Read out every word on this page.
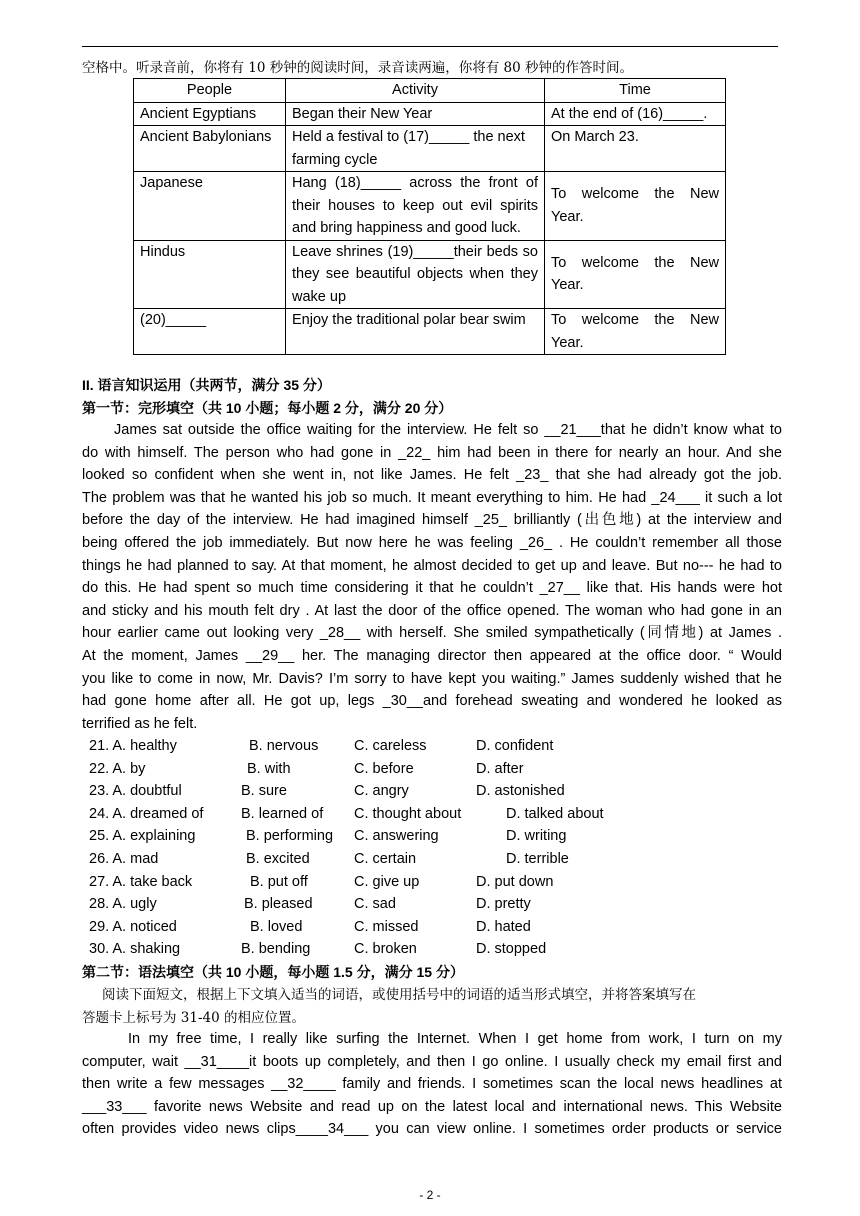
空格中。听录音前，你将有 10 秒钟的阅读时间，录音读两遍，你将有 80 秒钟的作答时间。
People	Activity	Time
Ancient Egyptians	Began their New Year	At the end of (16)_____.
Ancient Babylonians	Held a festival to (17)_____ the next farming cycle	On March 23.
Japanese	Hang (18)_____ across the front of their houses to keep out evil spirits and bring happiness and good luck.	To welcome the New Year.
Hindus	Leave shrines (19)_____their beds so they see beautiful objects when they wake up	To welcome the New Year.
(20)_____	Enjoy the traditional polar bear swim	To welcome the New Year.
II. 语言知识运用（共两节，满分 35 分）
第一节：完形填空（共 10 小题；每小题 2 分，满分 20 分）
James sat outside the office waiting for the interview. He felt so __21___that he didn’t know what to
do with himself. The person who had gone in _22_ him had been in there for nearly an hour. And she
looked so confident when she went in, not like James. He felt _23_ that she had already got the job.
The problem was that he wanted his job so much. It meant everything to him. He had _24___ it such a lot
before the day of the interview. He had imagined himself _25_ brilliantly (出色地) at the interview and
being offered the job immediately. But now here he was feeling _26_ . He couldn’t remember all those
things he had planned to say. At that moment, he almost decided to get up and leave. But no--- he had to
do this. He had spent so much time considering it that he couldn’t _27__ like that. His hands were hot
and sticky and his mouth felt dry . At last the door of the office opened. The woman who had gone in an
hour earlier came out looking very _28__ with herself. She smiled sympathetically (同情地) at James .
At the moment, James __29__ her. The managing director then appeared at the office door. “ Would
you like to come in now, Mr. Davis? I’m sorry to have kept you waiting.” James suddenly wished that he
had gone home after all. He got up, legs _30__and forehead sweating and wondered he looked as
terrified as he felt.
21. A. healthy	B. nervous C. careless	D. confident
22. A. by	B. with	C. before	D. after
23. A. doubtful	B. sure	C. angry	D. astonished
24. A. dreamed of	B. learned of C. thought about	D. talked about
25. A. explaining	B. performing C. answering	D. writing
26. A. mad	B. excited	C. certain	D. terrible
27. A. take back	B. put off	C. give up	D. put down
28. A. ugly	B. pleased	C. sad	D. pretty
29. A. noticed	B. loved	C. missed	D. hated
30. A. shaking	B. bending	C. broken	D. stopped
第二节：语法填空（共 10 小题，每小题 1.5 分，满分 15 分）
阅读下面短文，根据上下文填入适当的词语，或使用括号中的词语的适当形式填空，并将答案填写在
答题卡上标号为 31-40 的相应位置。
In my free time, I really like surfing the Internet. When I get home from work, I turn on my
computer, wait __31____it boots up completely, and then I go online. I usually check my email first and
then write a few messages __32____ family and friends. I sometimes scan the local news headlines at
___33___ favorite news Website and read up on the latest local and international news. This Website
often provides video news clips____34___ you can view online. I sometimes order products or service
- 2 -
